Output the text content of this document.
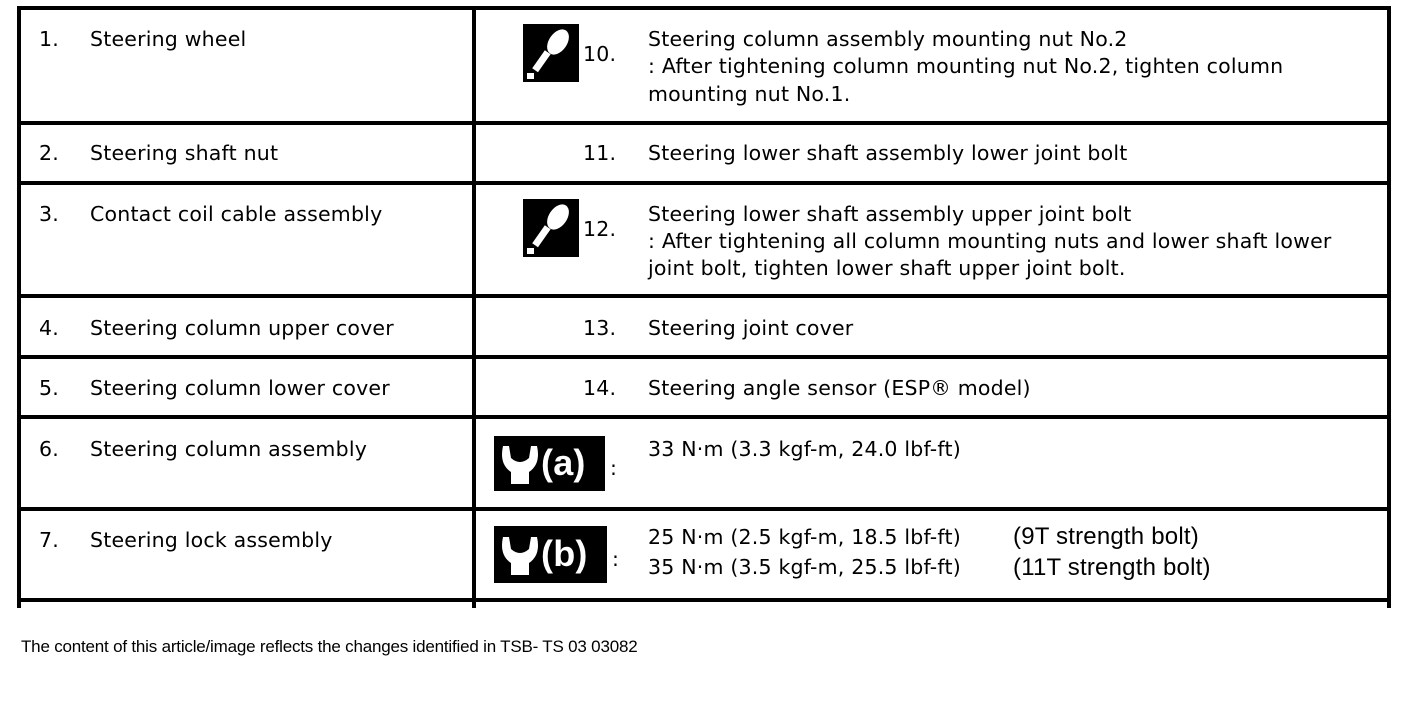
1. Steering wheel
2. Steering shaft nut
3. Contact coil cable assembly
4. Steering column upper cover
5. Steering column lower cover
6. Steering column assembly
7. Steering lock assembly
10.
Steering column assembly mounting nut No.2
: After tightening column mounting nut No.2, tighten column
mounting nut No.1.
11. Steering lower shaft assembly lower joint bolt
12.
Steering lower shaft assembly upper joint bolt
: After tightening all column mounting nuts and lower shaft lower
joint bolt, tighten lower shaft upper joint bolt.
13. Steering joint cover
14. Steering angle sensor (ESP® model)
(a) :
33 N·m (3.3 kgf-m, 24.0 lbf-ft)
(b) :
25 N·m (2.5 kgf-m, 18.5 lbf-ft) (9T strength bolt)
35 N·m (3.5 kgf-m, 25.5 lbf-ft) (11T strength bolt)
The content of this article/image reflects the changes identified in TSB- TS 03 03082
